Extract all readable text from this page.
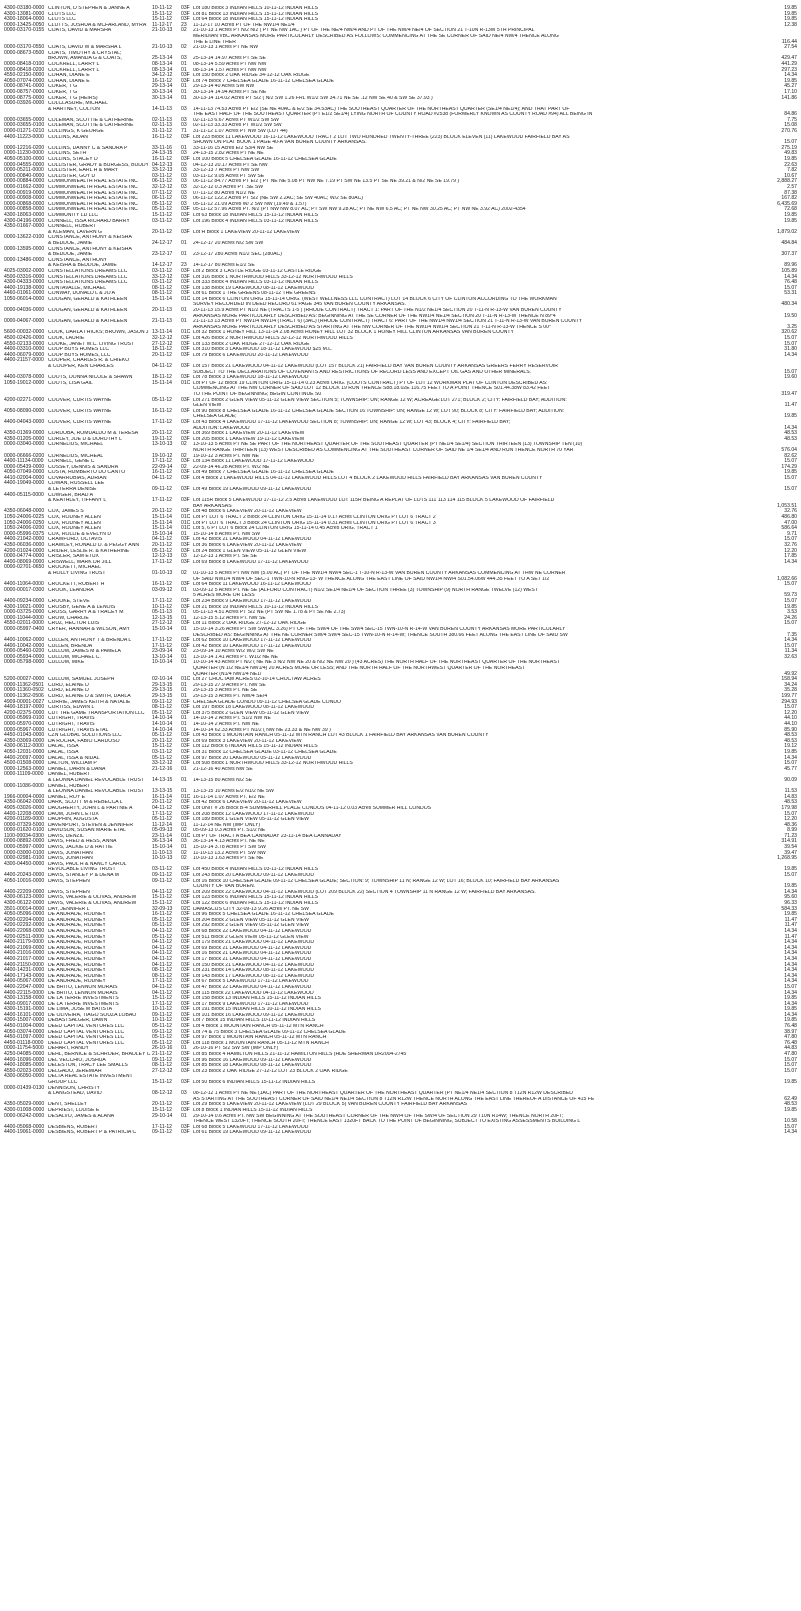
4300-03180-0000 CLINTON, D STEPHEN & JANNE A	10-11-12	03F Lot 180 Block 3 INDIAN HILLS 10-11-12 INDIAN HILLS	19.85
4300-13081-0000 CLOTS LLC	15-11-12	03F Lot 81 Block 13 INDIAN HILLS 15-11-12 INDIAN HILLS	19.85
4300-18064-0000 CLOTS LLC	15-11-12	03F Lot 64 Block 18 INDIAN HILLS 15-11-12 INDIAN HILLS	19.85
0000-13425-0050 CLUTTS, JOSHUA & MCFARLAND, MYRA	11-12-17	23	11-12-17 10 Acres PT OF THE NW1/4 NE1/4	12.38
0000-03170-0155 COATS, DAVID & MARSHA	21-10-13	02	21-10-13 1 Acres PT N/2 N/2 ( PT NE NW 1AC ) PT OF THE NE/4 NW/4 AND PT OF THE NW/4 NE/4 OF SECTION 21 T-10N R-13W 5TH PRINCIPAL
MERIDIAN VBC ARKANSAS MORE PARTICULARLY DESCRIBED AS FOLLOWS: COMMENCING AT THE SE CORNER OF SAID NE/4 NW/4 THENCE ALONG
THE E LINE THER	116.44
0000-03170-0550 COATS, DAVID W & MARSHA L	21-10-13	02	21-10-13 1 Acres PT NE NW	27.54
0000-08673-0500 COATS, TIMOTHY & CRYSTAL;
BROWN, AMANDA G & COATS,	25-13-14	03	25-13-14 14.97 Acres PT SE SE	429.47
0000-08418-0100 COCKRELL, LARRY L	08-13-14	01	08-13-14 5.59 Acres PT NW NW	441.29
0000-08418-0200 COCKRELL, LARRY L	08-13-14	01	08-13-14 1.57 Acres PT NW NW	297.23
4550-02150-0000 COHAN, DIANE E	34-12-12	03F Lot 150 Block 2 OAK RIDGE 34-12-12 OAK RIDGE	14.34
4050-07074-0000 COHAN, DIANE E	16-11-12	03F Lot 74 Block 7 CHELSEA GLADE 16-11-12 CHELSEA GLADE	19.85
0000-08741-0000 COKER, T G	29-13-14	01	29-13-14 40 Acres SW NW	45.27
0000-08757-0000 COKER, T G	30-13-14	01	30-13-14 14.94 Acres PT SE NE	17.10
0000-08775-0000 COKER, T G (HEIRS)	30-13-14	01	30-13-14 114.02 Acres PT S/2 ( N/2 SW 1.26 FRL W1/2 SW 34.71 NE SE .12 NW SE 40 & SW SE 37.93 )	141.86
0000-03926-0000 COLCLASURE, MICHAEL
& HARTNEY, COLTON	14-11-13	03	14-11-13 74.53 Acres PT E/2 (SE NE 40AC & E/2 SE 34.53AC) THE SOUTHEAST QUARTER OF THE NORTHEAST QUARTER (SE1/4 NE1/4); AND THAT PART OF
THE EAST HALF OF THE SOUTHEAST QUARTER (PT E1/2 SE1/4) LYING NORTH OF COUNTY ROAD #2538 (FORMERLY KNOWN AS COUNTY ROAD #94) ALL BEING IN	84.86
0000-03655-0000 COLEMAN, SCOTTIE & CATHERINE	02-11-13	03	02-11-13 6.67 Acres PT W1/2 SW SW	7.75
0000-03655-0100 COLEMAN, SCOTTIE & CATHERINE	02-11-13	03	02-11-13 33.33 Acres PT W1/2 SW SW	15.08
0000-01271-0210 COLLINGS, K GEORGE	31-11-12	71	31-11-12 1.07 Acres PT NW SW (LOT 44)	270.76
4400-11223-0000 COLLINS, AIDAN	16-11-12	03F Lot 223 Block 11 LAKEWOOD 16-11-12 LAKEWOOD TRACT 2 LOT TWO HUNDRED TWENTY-THREE (223) BLOCK ELEVEN (11) LAKEWOOD FAIRFIELD BAY AS
SHOWN ON PLAT BOOK 1 PAGE 40-A VAN BUREN COUNTY ARKANSAS.	15.07
0000-12216-0200 COLLINS, DANNY C & SANDRA P	33-11-16	01	33-11-16 15 Acres E/2 S3/4 NW SE	275.19
0000-11230-0000 COLLINS, SETH	24-13-15	03	24-13-15 2.82 Acres PT NE NE	49.83
4050-05100-0000 COLLINS, STACEY D	16-11-12	03F Lot 100 Block 5 CHELSEA GLADE 16-11-12 CHELSEA GLADE	19.85
0000-04555-0000 COLLISTER, GRADY & BURGESS, BUDDY 04-12-13	03	04-12-13 20.17 Acres PT SE NW	22.63
0000-05211-0000 COLLISTER, EARL H & MARY	33-12-13	03	33-12-13 7 Acres PT NW SW	7.82
0000-00840-0000 COLLISTER, GUY D	03-11-12	03	03-11-12 9.05 Acres PT SW SE	10.67
0000-00884-0000 COMMONWEALTH REAL ESTATE INC	06-11-12	03	06-11-12 84.77 Acres PT E/2 ( PT NE NE 5.08 PT NW NE 7.19 PT SW NE 13.5 PT SE NE 39.21 & N/2 NE SE 19.79 )	2,888.27
0000-01662-0300 COMMONWEALTH REAL ESTATE INC	32-12-12	03	32-12-12 0.3 Acres PT .SE SW	2.57
0000-00919-0000 COMMONWEALTH REAL ESTATE INC	07-11-12	03	07-11-12 80 Acres N1/2 NE	87.38
0000-00908-0000 COMMONWEALTH REAL ESTATE INC	06-11-12	03	06-11-12 122.2 Acres PT S/2 (NE SW 2.2AC; SE SW 40AC; W/2 SE 80AC)	167.82
0000-00868-0000 COMMONWEALTH REAL ESTATE INC	05-11-12	03	05-11-12 21.09 Acres W/ 2 SW NW (19.49 & 1.57)	6,435.69
0000-00858-0000 COMMONWEALTH REAL ESTATE INC	05-11-12	03F 05-11-12 57.96 Acres PT. N/2 (PT NW NW 8.07 AC; PT SW NW 9.28 AC; PT NE NW 6.5 AC; PT NE NW 30.25 AC; PT NW NE 3.92 AC) 2002-4354	72.68
4300-18063-0000 COMMUNITY LD LLC	15-11-12	03F Lot 63 Block 18 INDIAN HILLS 15-11-12 INDIAN HILLS	19.85
4300-04196-0000 CONNELL, ISSA RICHARD BARRY	03-11-12	03F Lot 196 Block 4 INDIAN HILLS 03-11-12 INDIAN HILLS	19.85
4350-01667-0000 CONNELL, ROBERT
& KLEMAN, LAVERN G	20-11-12	03F Lot H Block 1 LAKEVIEW 20-11-12 LAKEVIEW	1,879.02
0000-13622-0100 CONSTANCE, ANTHONY & KEISHA
& BEDDOE, JAMIE	24-12-17	01	24-12-17 20 Acres N/2 SW SW	484.84
0000-13595-0000 CONSTANCE, ANTHONY & KEISHA
& BEDDOE, JAMIE	23-12-17	01	23-12-17 280 Acres N1/2 SEC (280AC)	307.37
0000-13486-0000 CONSTANCE, ANTHONY
& KEISHA & BEDDOE, JAMIE	14-12-17	23	14-12-17 80 Acres E1/2 SE	89.96
4025-03002-0000 CONSTELLATIONS DREAMS LLC	03-11-12	03F Lot 2 Block 3 CASTLE RIDGE 03-11-12 CASTLE RIDGE	105.89
4500-03316-0000 CONSTELLATIONS DREAMS LLC	33-12-12	03F Lot 316 Block 1 NORTHWOOD HILLS 33-12-12 NORTHWOOD HILLS	14.34
4300-04333-0000 CONSTELLATIONS DREAMS LLC	03-11-12	03F Lot 333 Block 4 INDIAN HILLS 03-11-12 INDIAN HILLS	76.48
4400-19138-0000 CONTAVALLE, MICHAEL	08-11-12	03F Lot 138 Block 19 LAKEWOOD 08-11-12 LAKEWOOD	15.07
4460-01061-0000 CONWAY, DONALD L & JO A	08-11-12	03F Lot 61 Block 1 THE GREENS 08-11-12 THE GREENS	53.31
1050-06014-0000 COOGAN, GERALD & KATHLEEN	15-11-14	01C Lot 14 Block 6 CLINTON ORIG 15-11-14 ORIG. (WEST WELLNESS LLC CONTRACT) LOT 14 BLOCK 6 CITY OF CLINTON ACCORDING TO THE WORKMAN
SURVEY RECORDED IN DEED RECORD 61 PAGE 345 VAN BUREN COUNTY ARKANSAS.	480.34
0000-04036-0000 COOGAN, GERALD & KATHLEEN	20-11-13	01	20-11-13 15.9 Acres PT N1/2 NE (TRACTS 1-5 ) (RHODE CONTRACT) TRACT 1: PART OF THE N1/2 NE1/4 SECTION 20 T-11-N R-13-W VAN BUREN COUNTY
ARKANSAS MORE PARTICULARLY DESCRIBED AS: BEGINNING AT THE SE CORNER OF THE NW1/4 NE1/4 SECTION 20 T-11-N R-13-W THENCE N 89*4	19.50
0000-04067-0000 COOGAN, GERALD & KATHLEEN	21-11-13	01	21-11-13 13 Acres PT NW1/4 NW1/4 (TRACT 6) (3AC) (RHODE CONTRACT) TRACT 6: PART OF THE NW1/4 NW1/4 SECTION 21 T-11-N R-13-W VAN BUREN COUNTY
ARKANSAS MORE PARTICULARLY DESCRIBED AS STARTING AT THE NW CORNER OF THE NW1/4 NW1/4 SECTION 21 T-11-N R-13-W THENCE S 00*	3.25
5600-00032-0000 COOK, DARLA I HICKS; BROWN, JASON J 13-11-14	01C Lot 32 Block 1 HONEY HILL 13-11-14 2.08 Acres HONEY HILL LOT 32 BLOCK 1 HONEY HILL CLINTON ARKANSAS VAN BUREN COUNTY	320.62
4500-02426-0000 COOK, LAURIE	32-12-12	03F Lot 426 Block 2 NORTHWOOD HILLS 32-12-12 NORTHWOOD HILLS	15.07
4550-02133-0000 COOKE, JANET W.C. LIVING TRUST	27-12-12	03F Lot 133 Block 2 OAK RIDGE 27-12-12 OAK RIDGE	15.07
4400-03310-0000 COOP BUYS HOMES LLC	18-11-12	03F Lot 310 Block 3 LAKEWOOD 18-11-12 LAKEWOOD $25 M.L.	31.80
4400-06079-0000 COOP BUYS HOMES, LLC	20-11-12	03F Lot 79 Block 6 LAKEWOOD 20-11-12 LAKEWOOD	14.34
4400-21157-0000 COOPER, CHARLES R. & CHIEKO
& COOPER, KEN CHARLES	04-11-12	03F Lot 157 Block 21 LAKEWOOD 04-11-12 LAKEWOOD (LOT 157 BLOCK 21) FAIRFIELD BAY VAN BUREN COUNTY ARKANSAS GREERS FERRY RESERVOIR
SUBJECT TO THE DECLARATIONS OF COVENANTS AND RESTRICTIONS OF RECORD LESS AND EXCEPT OIL GAS AND OTHER MINERALS.	15.07
4400-03078-0000 COOTS, DONNA NICOLE & SHAWN	18-11-12	03F Lot 78 Block 3 LAKEWOOD 18-11-12 LAKEWOOD	19.60
1050-19012-0000 COOTS, LISA GAIL	15-11-14	01C Lot PT OF 12 Block 19 CLINTON ORIG 15-11-14 0.23 Acres ORIG. (COOTS CONTRACT) PT OF LOT 12 WORKMAN PLAT OF CLINTON DESCRIBED AS:
COMMENCING AT THE NW CORNER OF SAID LOT 12 BLOCK 19 RUN THENCE S88.18.02E 116.75 FEET TO A POINT THENCE S01.44.38W 83.42 FEET
TO THE POINT OF BEGINNING; BEGIN CONTINUE S0	319.47
4200-02271-0000 COOVER, CURTIS WAYNE	05-11-12	03F Lot 271 Block 2 GLEN VIEW 05-11-12 GLEN VIEW SECTION 5; TOWNSHIP: UN; RANGE 12 W; ACREAGE:LOT 271; BLOCK 2; CITY: FAIRFIELD BAY; ADDITION:
GLEN VIEW	11.47
4050-08090-0000 COOVER, CURTIS WAYNE	16-11-12	03F Lot 90 Block 8 CHELSEA GLADE 16-11-12 CHELSEA GLADE SECTION 16 TOWNSHIP: UN; RANGE 12 W; LOT 90; BLOCK 8; CITY: FAIRFIELD BAY; ADDITION:
CHELSEA GLADE;	19.85
4400-04043-0000 COOVER, CURTIS WAYNE	17-11-12	03F Lot 43 Block 4 LAKEWOOD 17-11-12 LAKEWOOD SECTION 8; TOWNSHIP: UN; RANGE 12 W; LOT 43; BLOCK 4; CITY: FAIRFIELD BAY;
ADDITION: LAKEWOOD	14.34
4350-01369-0000 CORDOBA, ROMUALDO M & TERESA	20-11-12	03F Lot 369 Block 1 LAKEVIEW 20-11-12 LAKEVIEW	48.53
4350-01205-0000 CORLEY, JOE D & DOROTHY L	19-11-12	03F Lot 205 Block 1 LAKEVIEW 19-11-12 LAKEVIEW	48.53
0000-03040-0000 CORNELIUS, MICHAEL	13-10-13	02	13-10-13 5 Acres PT NE SE PART OF THE NORTHEAST QUARTER OF THE SOUTHEAST QUARTER (PT NE1/4 SE1/4) SECTION THIRTEEN (13) TOWNSHIP TEN (10)
NORTH RANGE THIRTEEN (13) WEST DESCRIBED AS COMMENCING AT THE SOUTHEAST CORNER OF SAID NE 1/4 SE1/4 AND RUN THENCE NORTH 70 YAR	576.04
0000-06666-0200 CORNELIUS, MICHEAL	19-10-12	02	19-10-12 3 Acres PT. NW NE	82.62
4400-11134-0000 CORNELL, GENE C	17-11-12	03F Lot 134 Block 11 LAKEWOOD 17-11-12 LAKEWOOD	15.07
0000-05439-0000 COSSEY, DENNIS & SANDRA	22-09-14	02	22-09-14 46.28 Acres PT. W/2 NE	174.29
4050-07049-0000 COSTA, HUMBERTO DO CANTO	16-11-12	03F Lot 49 Block 7 CHELSEA GLADE 16-11-12 CHELSEA GLADE	19.85
4410-02004-0000 COVARRUBIAS, ADRIAN	04-11-12	03F Lot 4 Block 2 LAKEWOOD HILLS 04-11-12 LAKEWOOD HILLS LOT 4 BLOCK 2 LAKEWOOD HILLS FAIRFIELD BAY ARKANSAS VAN BUREN COUNTY	15.07
4400-19049-0000 COWAN, RUSSELL LEE
& LETERRA DENISE	09-11-12	03F Lot 49 Block 19 LAKEWOOD 09-11-12 LAKEWOOD	15.07
4400-05115-0000 COWGER, BRAD A
& KEATHLEY, TIFFANY L	17-11-12	03F Lot 115R Block 5 LAKEWOOD 17-11-12 2.5 Acres LAKEWOOD LOT 115R BEING A REPLAT OF LOTS 111 113 114 115 BLOCK 5 LAKEWOOD OF FAIRFIELD
BAY ARKANSAS	1,053.51
4350-06048-0000 COX, JAMES S	20-11-12	03F Lot 48 Block 6 LAKEVIEW 20-11-12 LAKEVIEW	32.76
1050-24006-0225 COX, RODNEY ALLEN	15-11-14	01C Lot PT LOT 6 TRACT 2 Block 24 CLINTON ORIG 15-11-14 0.17 Acres CLINTON ORIG PT LOT 6 TRACT 2	486.80
1050-24006-0250 COX, RODNEY ALLEN	15-11-14	01C Lot PT LOT 6 TRACT 3 Block 24 CLINTON ORIG 15-11-14 0.31 Acres CLINTON ORIG PT LOT 6 TRACT 3	47.00
1050-24006-0200 COX, RODNEY ALLEN	15-11-14	01C Lot 5, 6 PT LOT 6 Block 24 CLINTON ORIG 15-11-14 0.45 Acres ORIG. TRACT 1	586.64
0000-05996-0375 COX, ROLLIE & EVELYN D	15-10-14	01	15-10-14 8 Acres PT. NW SW	9.71
4400-21042-0000 CRAWFORD, OCTAVIS	04-11-12	03F Lot 42 Block 21 LAKEWOOD 04-11-12 LAKEWOOD	15.07
4350-06036-0000 CRAWLEY, RONALD D. & PEGGY ANN	20-11-12	03F Lot 36 Block 6 LAKEVIEW 20-11-12 LAKEVIEW	32.76
4200-01024-0000 CRIDER, LESLIE R. & KATHERINE	05-11-12	03F Lot 24 Block 1 GLEN VIEW 05-11-12 GLEN VIEW	12.20
0000-04774-0000 CRISLER, SAM ETUX	12-12-13	03	12-12-13 1 Acres PT. SE SE	17.85
4400-08069-0000 CRISWELL, MARK DR JILL	17-11-12	03F Lot 69 Block 8 LAKEWOOD 17-11-12 LAKEWOOD	14.34
0000-02701-0650 CROCKETT, MICHAEL
& HOLLY LIVING TRUST	01-10-13	02	01-10-13 5 Acres PT NW NW (5.00 AC) PT OF THE NW1/4 NW/4 SEC-1 T-10-N R-13-W VAN BUREN COUNTY ARKANSAS COMMENCING AT THW NE CORNER
OF SAID NW1/4 NW/4 OF SEC-1 TWN-10-N RNG-13- W THENCE ALONG THE EAST LINE OF SAID NW1/4 NW/4 S01.54.06W 444.35 FEET TO A SET 1/2	1,082.66
4400-11064-0000 CROCKETT, ROBERT H	16-11-12	03F Lot 64 Block 11 LAKEWOOD 16-11-12 LAKEWOOD	15.07
0000-00017-0300 CROOK, LEANDRA	03-09-12	01	03-09-12 5 Acres PT. NE SE (ALFORD CONTRACT) N1/2 SE1/4 NE1/4 OF SECTION THREE (3) TOWNSHIP (9) NORTH RANGE TWELVE (12) WEST
5 ACRES MORE OR LESS	59.73
4400-09234-0000 CROOKE, STEVE	17-11-12	03F Lot 234 Block 9 LAKEWOOD 17-11-12 LAKEWOOD	15.07
4300-19021-0000 CROSBY, GENE A & LENOIS	10-11-12	03F Lot 21 Block 19 INDIAN HILLS 10-11-12 INDIAN HILLS	19.85
0000-03725-0000 CROSS, GARRY A & TRACEY M	05-11-13	01	05-11-13 4.51 Acres PT S/2 NE (PT SW NE 1.78 & PT SE NE 2.73)	3.53
0000-11044-0000 CROW, CHARLIE	12-13-15	01	12-13-15 5.12 Acres PT. NW SE	24.26
4550-02011-0000 CRUZ, HECTOR LUIS	27-12-12	03F Lot 11 Block 2 OAK RIDGE 27-12-12 OAK RIDGE	15.07
0000-05997-0400 CRYER, HANNAH & WILSON, AMY	15-10-14	01	15-10-14 3.26 Acres PT SW SW(AC 3.26) PT OF THE SW/4 OF THE SW/4 SEC-15 TWN-10-N R-14-W VAN BUREN COUNTY ARKANSAS MORE PARTICULARLY
DESCRIBED AS: BEGINNING AT THE NE CORNER SW/4 SW/4 SEC-15 TWN-10-N R-14-W; THENCE SOUTH 380.66 FEET ALONG THE EAST LINE OF SAID SW	7.35
4400-10062-0000 CULLEN, ANTHONY T & BRENDA L	17-11-12	03F Lot 62 Block 10 LAKEWOOD 17-11-12 LAKEWOOD	14.34
4400-10042-0000 CULLEN, BRENDA	17-11-12	03F Lot 42 Block 10 LAKEWOOD 17-11-12 LAKEWOOD	15.07
0000-05460-0200 CULLUM, JAMES M & PAMELA	23-09-14	02	23-09-14 10 Acres W/2 W/2 SW NE	11.34
0000-05934-0000 CULLUM, MICHAEL C.	13-10-14	01	13-10-14 1.41 Acres PT. W1/2 NE NE	32.63
0000-05798-0000 CULLUM, MIKE	10-10-14	01	10-10-14 43 Acres PT N/2 ( NE NE 3 N/2 NW NE 20 & N/2 NE NW 20 ) (43 ACRES) THE NORTH HALF OF THE NORTHEAST QUARTER OF THE NORTHEAST
QUARTER (N 1/2 NE1/4 NW1/4) 20 ACRES MORE OR LESS; AND THE NORTH HALF OF THE NORTHWEST QUARTER OF THE NORTHEAST
QUARTER (N1/4 NW1/4 NE1/	49.92
5200-00027-0000 CULLUM, SAMUEL JOSEPH	02-10-14	01C Lot 27 CHOCTAW ACRES 02-10-14 CHOCTAW ACRES	158.94
0000-11362-0501 CURD, ELAINE D	29-13-15	01	29-13-15 27.9 Acres PT. NW SE	34.24
0000-11360-0502 CURD, ELAINE D	29-13-15	01	29-13-15 3 Acres PT. NE SE	35.28
0000-11362-0506 CURD, ELAINE D & SMITH, DARLA	29-13-15	01	29-13-15 3 Acres PT. NW/4 SE/4	199.77
4909-00001-0027 CURRIE, JAMES KEITH & NATALIE	09-11-12	03F CHELSEA GLADE CONDO 09-11-12 CHELSEA GLADE CONDO	294.93
4400-18197-0000 CURTISS, EDWIN L	08-11-12	03F Lot 197 Block 18 LAKEWOOD 08-11-12 LAKEWOOD	15.07
4200-02375-0000 CUT THE GAME TRANSPORTATION LLC	05-11-12	03F Lot 375 Block 2 GLEN VIEW 05-11-12 GLEN VIEW	12.20
0000-05969-0100 CUTRIGHT, TRAVIS	14-10-14	01	14-10-14 2 Acres PT. S1/2 NW NE	44.10
0000-05970-0000 CUTRIGHT, TRAVIS	14-10-14	01	14-10-14 2 Acres PT. NW NE	44.10
0000-05967-0000 CUTRIGHT, TRAVIS ETAL	14-10-14	01	14-10-14 62.33 Acres PT N1/2 ( NW NE 23.33 & NE NW 39 )	85.90
4450-01043-0000 CZN GLOBAL SOLUTIONS LLC	05-11-12	03F Lot 43 Block 1 MOUNTAIN RANCH 05-11-12 MTN RANCH LOT 43 BLOCK 1 FAIRFIELD BAY ARKANSAS VAN BUREN COUNTY	48.53
4350-03069-0000 DA ROCHA, FABIO CARDOSO	20-11-12	03F Lot 69 Block 3 LAKEVIEW 20-11-12 LAKEVIEW	48.53
4300-06112-0000 DALAL, ISSA	15-11-12	03F Lot 112 Block 6 INDIAN HILLS 15-11-12 INDIAN HILLS	19.12
4050-12031-0000 DALAL, ISSA	03-11-12	03F Lot 31 Block 12 CHELSEA GLADE 03-11-12 CHELSEA GLADE	19.85
4400-20097-0000 DALAL, ISSA & NIDAL	05-11-12	03F Lot 97 Block 20 LAKEWOOD 05-11-12 LAKEWOOD	14.34
4500-01508-0000 DALTON, WILLIAM P	33-12-12	03F Lot 508 Block 1 NORTHWOOD HILLS 33-12-12 NORTHWOOD HILLS	15.07
0000-12563-0000 DANIEL, DARIN & DANA	21-12-16	01	21-12-16 40 Acres NW SE	45.77
0000-11109-0000 DANIEL, HUBERT
& LEONNA DANIEL REVOCABLE TRUST	14-13-15	01	14-13-15 80 Acres N/2 SE	90.09
0000-11086-0000 DANIEL, HUBERT
& LEONNA DANIEL REVOCABLE TRUST	13-13-15	01	13-13-15 10 Acres E/2 N1/2 NE SW	11.53
1966-00004-0000 DANIEL, ROY E	16-11-14	01C 16-11-14 1.07 Acres PT. E/2 NE	14.83
4350-06042-0000 DARK, SCOTT M & REBECCA L	20-11-12	03F Lot 42 Block 6 LAKEVIEW 20-11-12 LAKEVIEW	48.53
4905-03026-0000 DAUGHERTY, JOHN L & PARTNIE A	04-11-12	03F Lot UNIT # 26 Block B-4 SUMMERHILL PLACE CONDOS 04-11-12 0.03 Acres SUMMER HILL CONDOS	179.98
4400-12208-0000 DAUM, JOHN L ETUX	17-11-12	03F Lot 208 Block 12 LAKEWOOD 17-11-12 LAKEWOOD	15.07
4200-01189-0000 DAUPHIN, AUGUSTA	05-11-12	03F Lot 189 Block 1 GLEN VIEW 05-11-12 GLEN VIEW	12.20
0000-07329-5000 DAVENPORT, STEVEN & JENNIFER	11-12-14	01	11-12-14 NE NW (IMP ONLY)	48.36
0000-01620-0100 DAVIDSON, SUSAN MARIE ETAL	05-09-13	02	05-09-13 0.3 Acres PT. S1/2 NE	8.99
1100-00034-0300 DAVIS, DENZIL	23-11-14	01C Lot PT OF TRACT A BEA CANNADAY 23-11-14 BEA CANNADAY	71.23
0000-08892-0000 DAVIS, FRED & HESS, ANNA	36-13-14	03	36-13-14 4.13 Acres PT. NE NE	314.91
0000-05997-0000 DAVIS, JACKIE D & HATTIE	15-10-14	01	15-10-14 3.78 Acres PT SW SW	39.54
0000-03000-0100 DAVIS, JONATHAN	11-10-13	02	11-10-13 13.2 Acres PT SW NW	39.47
0000-02981-0100 DAVIS, JONATHAN	10-10-13	02	10-10-13 1.63 Acres PT SE NE	1,268.95
4300-04450-0000 DAVIS, PAUL H & NANCY CAROL
REVOCABLE LIVING TRUST	03-11-12	03F Lot 450 Block 4 INDIAN HILLS 03-11-12 INDIAN HILLS	19.85
4400-20243-0000 DAVIS, STANLEY P & DENA M	09-11-12	03F Lot 243 Block 20 LAKEWOOD 09-11-12 LAKEWOOD	15.07
4050-10016-0000 DAVIS, STEPHEN	09-11-12	03F Lot 16 Block 10 CHELSEA GLADE 09-11-12 CHELSEA GLADE; SECTION: 9; TOWNSHIP 11 N; RANGE 12 W; LOT 16; BLOCK 10; FAIRFIELD BAY ARKANSAS
COUNTY OF VAN BUREN.	19.85
4400-22209-0000 DAVIS, STEPHEN	04-11-12	03F Lot 209 Block 22 LAKEWOOD 04-11-12 LAKEWOOD (LOT 209 BLOCK 22) SECTION 4 TOWNSHIP 11 N RANGE 12 W; FAIRFIELD BAY ARKANSAS.	14.34
4300-06123-0000 DAVIS, VALERIE & OLIVAS, ANDREW	15-11-12	03F Lot 123 Block 6 INDIAN HILLS 15-11-12 INDIAN HILLS	95.60
4300-06122-0000 DAVIS, VALERIE & OLIVAS, ANDREW	15-11-12	03F Lot 122 Block 6 INDIAN HILLS 15-11-12 INDIAN HILLS	96.33
3501-00014-0000 DAY, JENNIFER L	32-09-13	02C DAMASCUS CITY 32-09-13 9.26 Acres PT. NE SW	584.33
4050-05096-0000 DE ANDRADE, RODNEY	16-11-12	03F Lot 96 Block 5 CHELSEA GLADE 16-11-12 CHELSEA GLADE	19.85
4200-02204-0000 DE ANDRADE, RODNEY	05-11-12	03F Lot 204 Block 2 GLEN VIEW 05-11-12 GLEN VIEW	11.47
4200-02292-0000 DE ANDRADE, RODNEY	05-11-12	03F Lot 292 Block 2 GLEN VIEW 05-11-12 GLEN VIEW	11.47
4400-22068-0000 DE ANDRADE, RODNEY	04-11-12	03F Lot 68 Block 22 LAKEWOOD 04-11-12 LAKEWOOD	14.34
4200-02511-0000 DE ANDRADE, RODNEY	05-11-12	03F Lot 511 Block 2 GLEN VIEW 05-11-12 GLEN VIEW	11.47
4400-21179-0000 DE ANDRADE, RODNEY	04-11-12	03F Lot 179 Block 21 LAKEWOOD 04-11-12 LAKEWOOD	14.34
4400-21069-0000 DE ANDRADE, RODNEY	04-11-12	03F Lot 69 Block 21 LAKEWOOD 04-11-12 LAKEWOOD	14.34
4400-21016-0000 DE ANDRADE, RODNEY	04-11-12	03F Lot 16 Block 21 LAKEWOOD 04-11-12 LAKEWOOD	14.34
4400-21017-0000 DE ANDRADE, RODNEY	04-11-12	03F Lot 17 Block 21 LAKEWOOD 04-11-12 LAKEWOOD	14.34
4400-21150-0000 DE ANDRADE, RODNEY	04-11-12	03F Lot 150 Block 21 LAKEWOOD 04-11-12 LAKEWOOD	14.34
4400-14231-0000 DE ANDRADE, RODNEY	08-11-12	03F Lot 231 Block 14 LAKEWOOD 08-11-12 LAKEWOOD	14.34
4400-17143-0000 DE ANDRADE, RODNEY	08-11-12	03F Lot 143 Block 17 LAKEWOOD 08-11-12 LAKEWOOD	14.34
4400-05067-0000 DE ANDRADE, RODNEY	17-11-12	03F Lot 67 Block 5 LAKEWOOD 17-11-12 LAKEWOOD	14.34
4400-22047-0000 DE BRITO, LENNON MORAIS	04-11-12	03F Lot 47 Block 22 LAKEWOOD 04-11-12 LAKEWOOD	15.07
4400-22115-0000 DE BRITO, LENNON MORAIS	04-11-12	03F Lot 115 Block 22 LAKEWOOD 04-11-12 LAKEWOOD	14.34
4300-13158-0000 DE LA TERRE INVESTMENTS	15-11-12	03F Lot 158 Block 13 INDIAN HILLS 15-11-12 INDIAN HILLS	19.85
4400-09017-0000 DE LA TERRE INVESTMENTS	17-11-12	03F Lot 17 Block 9 LAKEWOOD 17-11-12 LAKEWOOD	14.34
4300-15191-0000 DE LIMA, JOSE M BATISTA	10-11-12	03F Lot 191 Block 15 INDIAN HILLS 10-11-12 INDIAN HILLS	19.85
4400-16101-0000 DE OLIVEIRA, TIAGO SOUZA LOBAO	09-11-12	03F Lot 101 Block 16 LAKEWOOD 09-11-12 LAKEWOOD	14.34
4300-15007-0000 DEBASTSALGER, DAWN	10-11-12	03F Lot 7 Block 15 INDIAN HILLS 10-11-12 INDIAN HILLS	19.85
4450-01004-0000 DEED CAPITAL VENTURES LLC	05-11-12	03F Lot 4 Block 1 MOUNTAIN RANCH 05-11-12 MTN RANCH	76.48
4050-03074-0000 DEED CAPITAL VENTURES LLC	09-11-12	03F Lot 74 & 75 Block 3 CHELSEA GLADE 09-11-12 CHELSEA GLADE	38.97
4450-01097-0000 DEED CAPITAL VENTURES LLC	05-11-12	03F Lot 97 Block 1 MOUNTAIN RANCH 05-11-12 MTN RANCH	47.80
4450-01118-0000 DEED CAPITAL VENTURES LLC	05-11-12	03F Lot 118 Block 1 MOUNTAIN RANCH 05-11-12 MTN RANCH	76.48
0000-11754-5000 DEHART, RANDY	26-10-16	01	26-10-16 PT S/2 SW SW (IMP ONLY)	44.83
4250-04085-0000 DEHL, BERNICE & SCHROER, BRADLEY C 21-11-12	03F Lot 85 Block 4 HAMILTON HILLS 21-11-12 HAMILTON HILLS (HDE SHERMAN DR2004-2745	47.80
4400-16096-0000 DEL VECCHIO, JOSHUA	09-11-12	03F Lot 96 Block 16 LAKEWOOD 09-11-12 LAKEWOOD	15.07
4400-18085-0000 DELESTON, TRACY LEE SMALLS	08-11-12	03F Lot 85 Block 18 LAKEWOOD 08-11-12 LAKEWOOD	15.07
4550-02023-0000 DELGADO, JEREMIAH	27-12-12	03F Lot 23 Block 2 OAK RIDGE 27-12-12 LOT 23 BLOCK 2 OAK RIDGE	15.07
4300-06050-0000 DELTA REAL ESTATE INVESTMENT
GROUP LLC	15-11-12	03F Lot 50 Block 6 INDIAN HILLS 15-11-12 INDIAN HILLS	19.85
0000-01439-0130 DENNISON, CHRISTY
& LANGSTEAD, DAVID	08-12-12	03	08-12-12 1 Acres PT NE NE (1AC) PART OF THE NORTHEAST QUARTER OF THE NORTHEAST QUARTER (PT NE1/4 NE1/4 SECTION 8 T12N R12W DESCRIBED
AS STARTING AT THE SOUTHEAST CORNER OF SAID NE1/4 NE1/4 SECTION 8 T12N R12W THENCE NORTH ALONG THE EAST LINE THEREOF A DISTANCE OF 415 FE	62.49
4350-05029-0000 DENT, SHELLEY	20-11-12	03F Lot 29 Block 5 LAKEVIEW 20-11-12 LAKEVIEW (LOT 29 BLOCK 5) VAN BUREN COUNTY FAIRFIELD BAY ARKANSAS	48.53
4300-01008-0000 DEPRIEST, LOUISE E	15-11-12	03F Lot 8 Block 1 INDIAN HILLS 15-11-12 INDIAN HILLS	19.85
0000-06242-0000 DESALVO, JAMES & ALANA	29-10-14	01	29-10-14 0.6 Acres PT. NW SW BEGINNING AT THE SOUTHEAST CORNER OF THE NW/4 OF THE SW/4 OF SECTION 29 T10N R14W; THENCE NORTH 20FT;
THENCE WEST 1320FT; THENCE SOUTH 20FT; THENCE EAST 1320FT BACK TO THE POINT OF BEGINNING, SUBJECT TO EXISTING ASSESSMENTS BUILDING L	10.58
4400-05068-0000 DESBIENS, ROBERT	17-11-12	03F Lot 68 Block 5 LAKEWOOD 17-11-12 LAKEWOOD	15.07
4400-19061-0000 DESBIENS, ROBERT P & PATRICIA C	09-11-12	03F Lot 61 Block 19 LAKEWOOD 09-11-12 LAKEWOOD	14.34
